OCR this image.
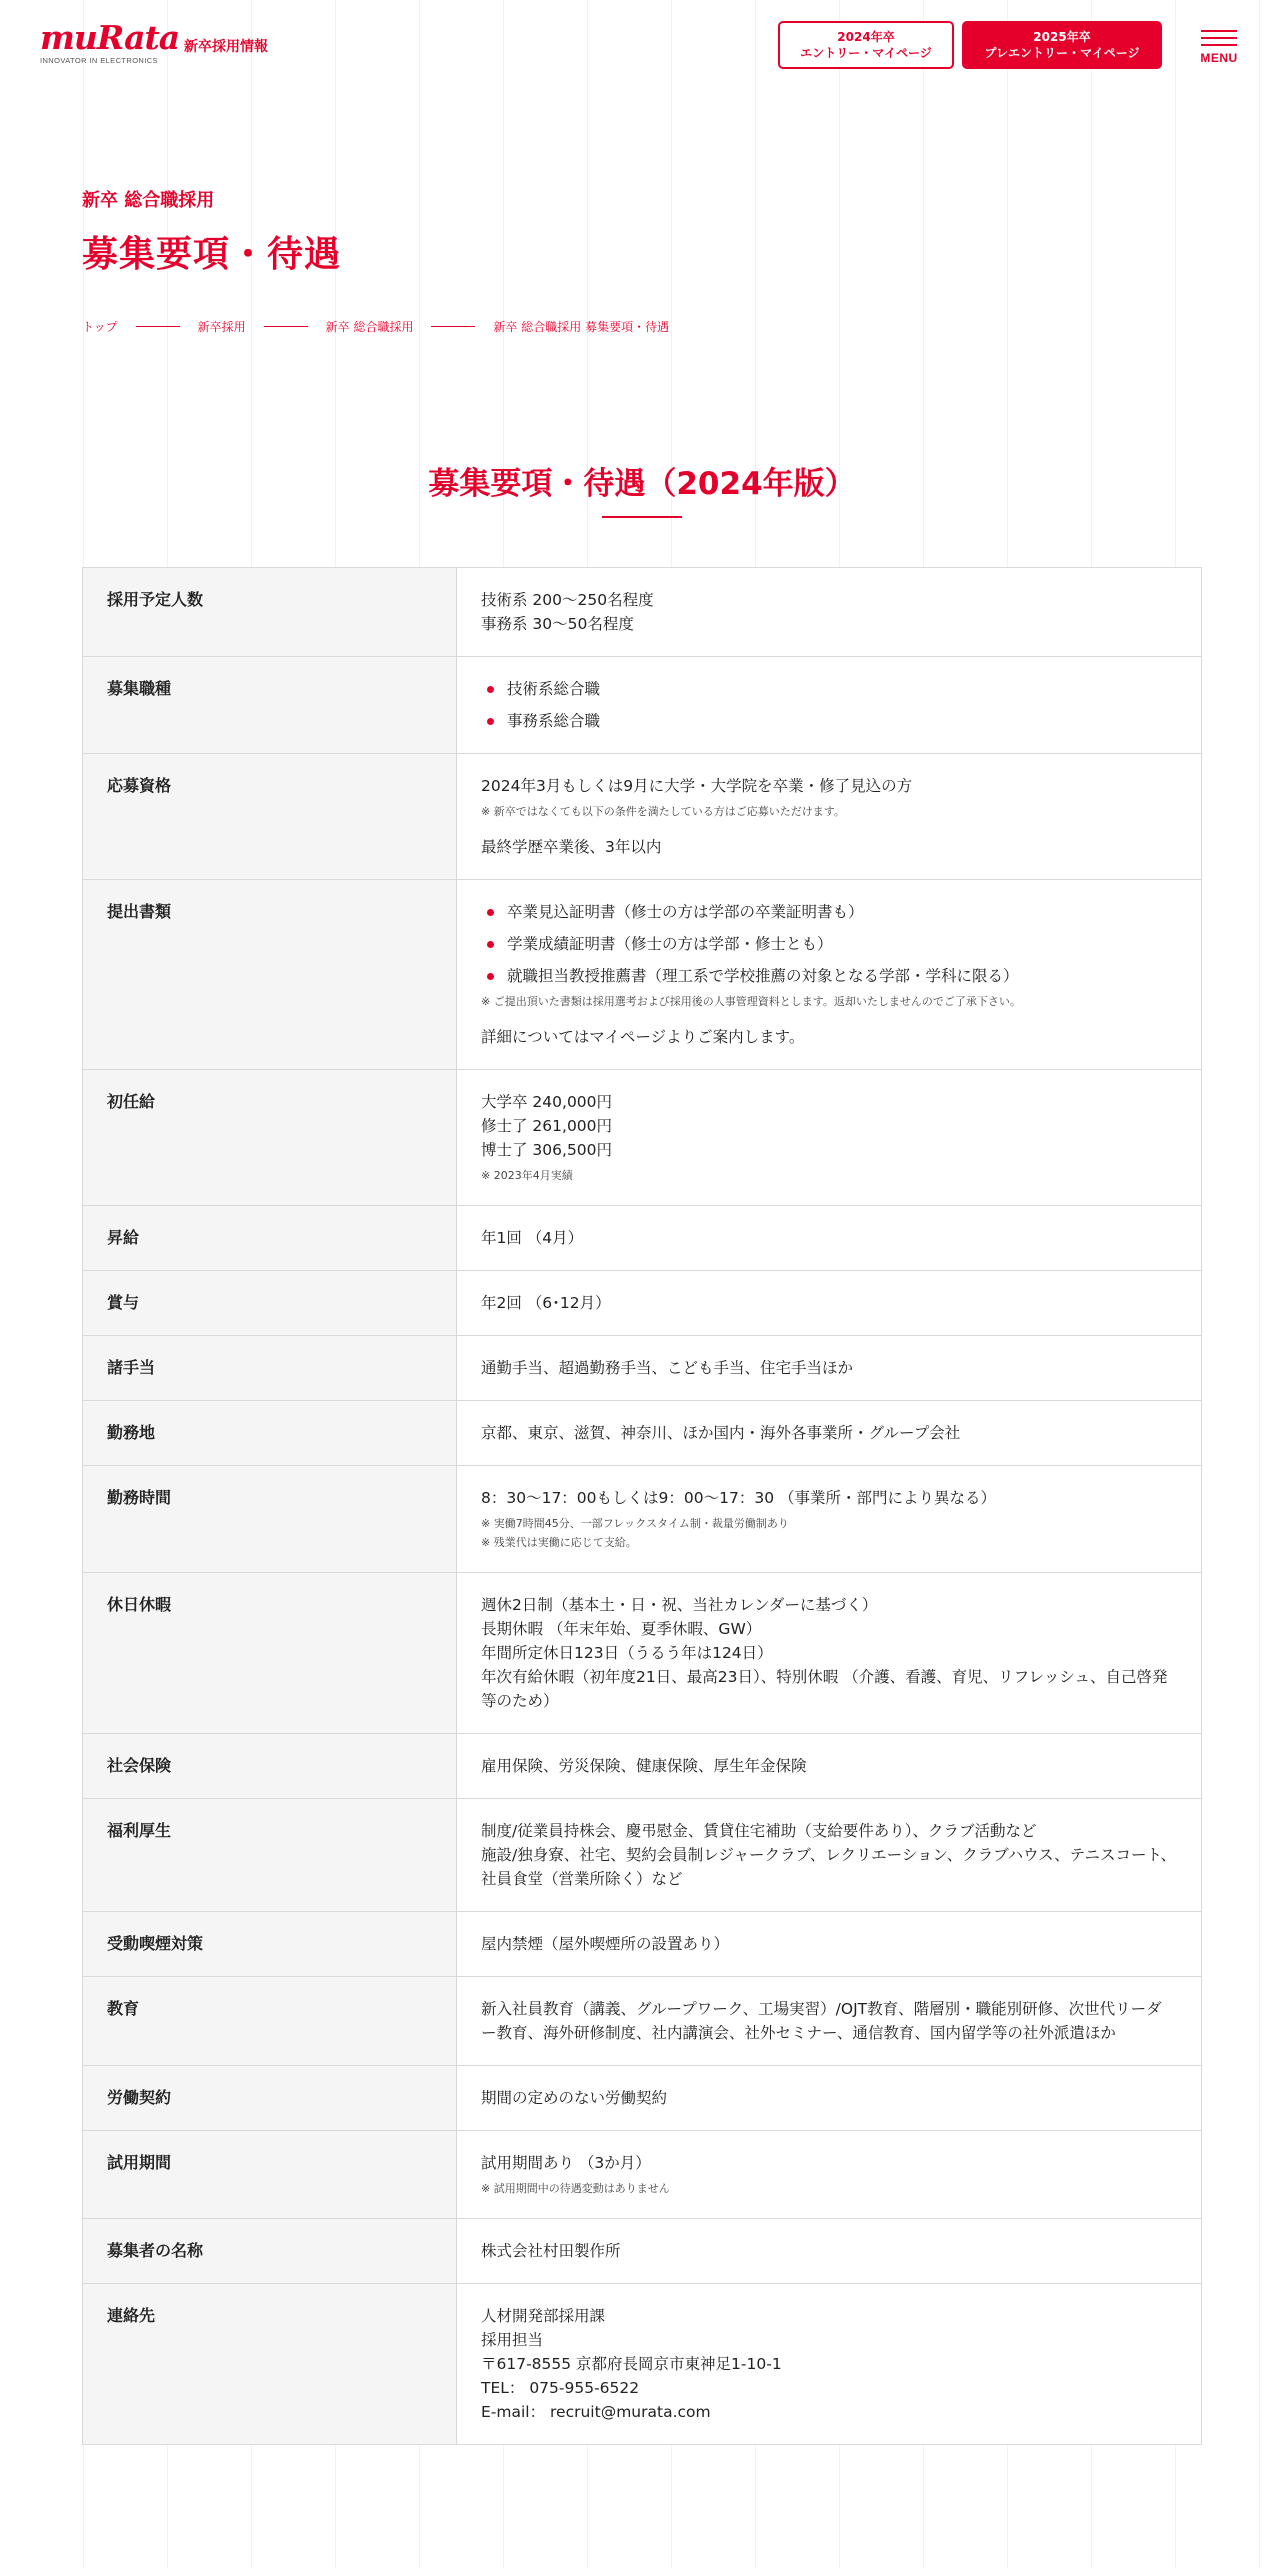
muRata
INNOVATOR IN ELECTRONICS
新卒採用情報
2024年卒
エントリー・マイページ
2025年卒
プレエントリー・マイページ	MENU
新卒 総合職採用
募集要項・待遇
トップ	新卒採用	新卒 総合職採用	新卒 総合職採用 募集要項・待遇
募集要項・待遇（2024年版）
採用予定人数	技術系 200〜250名程度
事務系 30〜50名程度
募集職種	技術系総合職
事務系総合職
応募資格	2024年3月もしくは9月に大学・大学院を卒業・修了見込の方
※ 新卒ではなくても以下の条件を満たしている方はご応募いただけます。
最終学歴卒業後、3年以内
提出書類	卒業見込証明書（修士の方は学部の卒業証明書も）
学業成績証明書（修士の方は学部・修士とも）
就職担当教授推薦書（理工系で学校推薦の対象となる学部・学科に限る）
※ ご提出頂いた書類は採用選考および採用後の人事管理資料とします。返却いたしませんのでご了承下さい。
詳細についてはマイページよりご案内します。
初任給	大学卒 240,000円
修士了 261,000円
博士了 306,500円
※ 2023年4月実績
昇給	年1回 （4月）
賞与	年2回 （6･12月）
諸手当	通勤手当、超過勤務手当、こども手当、住宅手当ほか
勤務地	京都、東京、滋賀、神奈川、ほか国内・海外各事業所・グループ会社
勤務時間	8：30〜17：00もしくは9：00〜17：30 （事業所・部門により異なる）
※ 実働7時間45分、一部フレックスタイム制・裁量労働制あり
※ 残業代は実働に応じて支給。
休日休暇	週休2日制（基本土・日・祝、当社カレンダーに基づく）
長期休暇 （年末年始、夏季休暇、GW）
年間所定休日123日（うるう年は124日）
年次有給休暇（初年度21日、最高23日）、特別休暇 （介護、看護、育児、リフレッシュ、自己啓発等のため）
社会保険	雇用保険、労災保険、健康保険、厚生年金保険
福利厚生	制度/従業員持株会、慶弔慰金、賃貸住宅補助（支給要件あり）、クラブ活動など
施設/独身寮、社宅、契約会員制レジャークラブ、レクリエーション、クラブハウス、テニスコート、社員食堂（営業所除く）など
受動喫煙対策	屋内禁煙（屋外喫煙所の設置あり）
教育	新入社員教育（講義、グループワーク、工場実習）/OJT教育、階層別・職能別研修、次世代リーダー教育、海外研修制度、社内講演会、社外セミナー、通信教育、国内留学等の社外派遣ほか
労働契約	期間の定めのない労働契約
試用期間	試用期間あり （3か月）
※ 試用期間中の待遇変動はありません
募集者の名称	株式会社村田製作所
連絡先	人材開発部採用課
採用担当
〒617-8555 京都府長岡京市東神足1-10-1
TEL： 075-955-6522
E-mail： recruit@murata.com
